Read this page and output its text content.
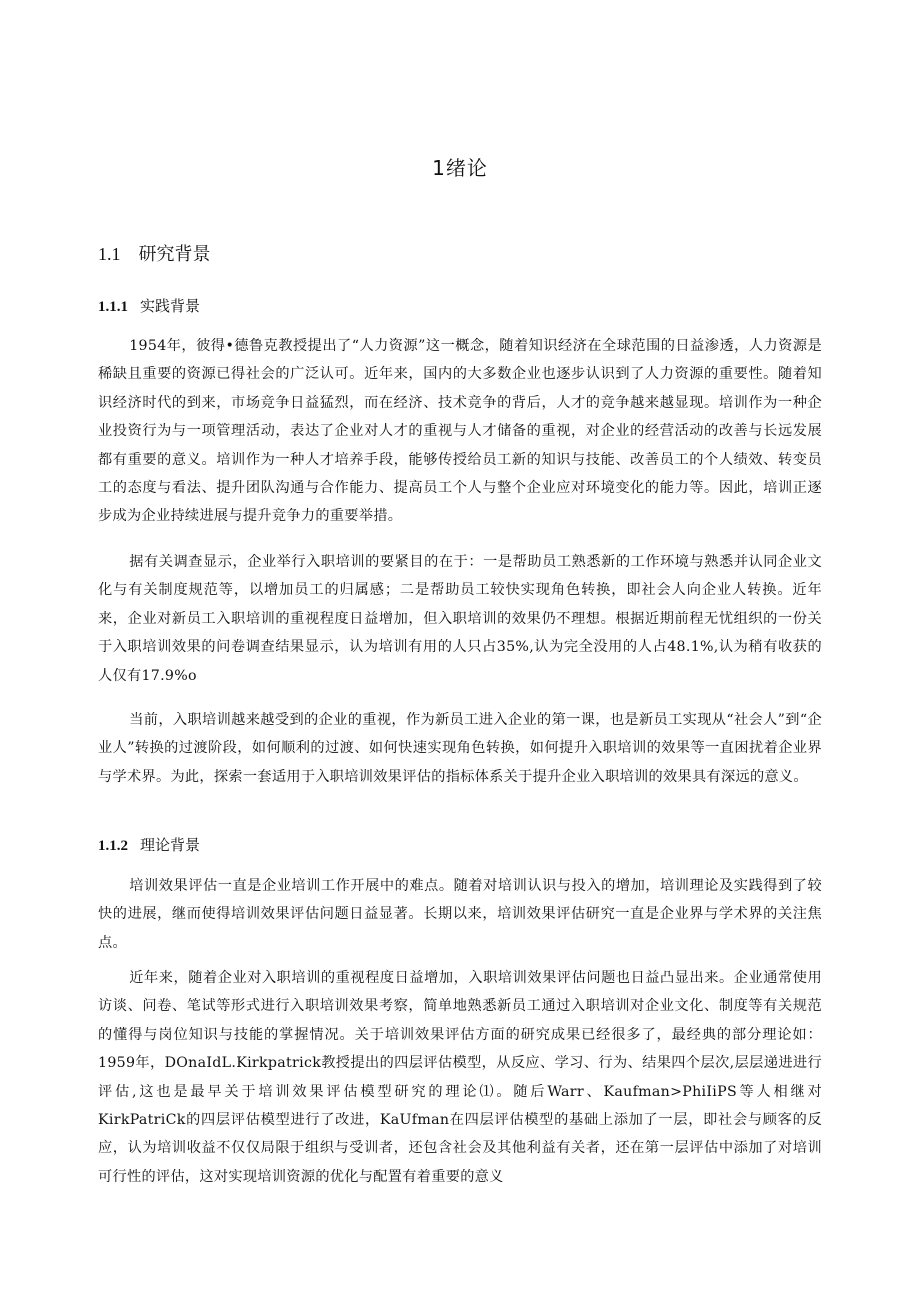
1绪论
1.1 研究背景
1.1.1 实践背景

1954年，彼得•德鲁克教授提出了“人力资源”这一概念，随着知识经济在全球范围的日益渗透，人力资源是稀缺且重要的资源已得社会的广泛认可。近年来，国内的大多数企业也逐步认识到了人力资源的重要性。随着知识经济时代的到来，市场竞争日益猛烈，而在经济、技术竞争的背后，人才的竞争越来越显现。培训作为一种企业投资行为与一项管理活动，表达了企业对人才的重视与人才储备的重视，对企业的经营活动的改善与长远发展都有重要的意义。培训作为一种人才培养手段，能够传授给员工新的知识与技能、改善员工的个人绩效、转变员工的态度与看法、提升团队沟通与合作能力、提高员工个人与整个企业应对环境变化的能力等。因此，培训正逐步成为企业持续进展与提升竞争力的重要举措。

据有关调查显示，企业举行入职培训的要紧目的在于：一是帮助员工熟悉新的工作环境与熟悉并认同企业文化与有关制度规范等，以增加员工的归属感；二是帮助员工较快实现角色转换，即社会人向企业人转换。近年来，企业对新员工入职培训的重视程度日益增加，但入职培训的效果仍不理想。根据近期前程无忧组织的一份关于入职培训效果的问卷调查结果显示，认为培训有用的人只占35%,认为完全没用的人占48.1%,认为稍有收获的人仅有17.9%o

当前，入职培训越来越受到的企业的重视，作为新员工进入企业的第一课，也是新员工实现从“社会人”到“企业人”转换的过渡阶段，如何顺利的过渡、如何快速实现角色转换，如何提升入职培训的效果等一直困扰着企业界与学术界。为此，探索一套适用于入职培训效果评估的指标体系关于提升企业入职培训的效果具有深远的意义。

1.1.2 理论背景

培训效果评估一直是企业培训工作开展中的难点。随着对培训认识与投入的增加，培训理论及实践得到了较快的进展，继而使得培训效果评估问题日益显著。长期以来，培训效果评估研究一直是企业界与学术界的关注焦点。

近年来，随着企业对入职培训的重视程度日益增加，入职培训效果评估问题也日益凸显出来。企业通常使用访谈、问卷、笔试等形式进行入职培训效果考察，简单地熟悉新员工通过入职培训对企业文化、制度等有关规范的懂得与岗位知识与技能的掌握情况。关于培训效果评估方面的研究成果已经很多了，最经典的部分理论如：1959年，DOnaIdL.Kirkpatrick教授提出的四层评估模型，从反应、学习、行为、结果四个层次,层层递进进行评估,这也是最早关于培训效果评估模型研究的理论⑴。随后Warr、Kaufman>PhiIiPS等人相继对KirkPatriCk的四层评估模型进行了改进，KaUfman在四层评估模型的基础上添加了一层，即社会与顾客的反应，认为培训收益不仅仅局限于组织与受训者，还包含社会及其他利益有关者，还在第一层评估中添加了对培训可行性的评估，这对实现培训资源的优化与配置有着重要的意义
